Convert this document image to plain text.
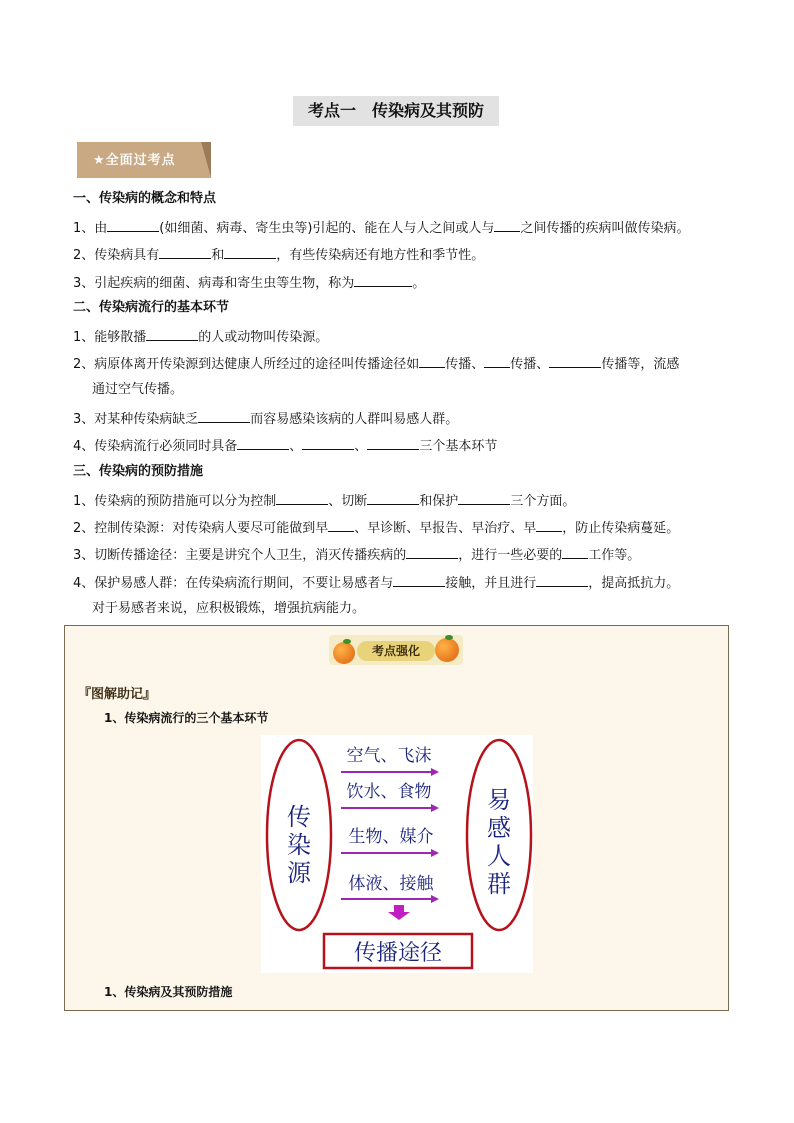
考点一　传染病及其预防
★全面过考点
一、传染病的概念和特点
1、由	(如细菌、病毒、寄生虫等)引起的、能在人与人之间或人与 之间传播的疾病叫做传染病。
2、传染病具有	和	，有些传染病还有地方性和季节性。
3、引起疾病的细菌、病毒和寄生虫等生物，称为	。
二、传染病流行的基本环节
1、能够散播	的人或动物叫传染源。
2、病原体离开传染源到达健康人所经过的途径叫传播途径如 传播、 传播、	传播等，流感
通过空气传播。
3、对某种传染病缺乏	而容易感染该病的人群叫易感人群。
4、传染病流行必须同时具备	、	、	三个基本环节
三、传染病的预防措施
1、传染病的预防措施可以分为控制	、切断	和保护	三个方面。
2、控制传染源：对传染病人要尽可能做到早 、早诊断、早报告、早治疗、早 ，防止传染病蔓延。
3、切断传播途径：主要是讲究个人卫生，消灭传播疾病的	，进行一些必要的 工作等。
4、保护易感人群：在传染病流行期间，不要让易感者与	接触，并且进行	，提高抵抗力。
对于易感者来说，应积极锻炼，增强抗病能力。
考点强化
『图解助记』
1、传染病流行的三个基本环节
传
染
源
易
感
人
群
空气、飞沫
饮水、食物
生物、媒介
体液、接触
传播途径
1、传染病及其预防措施
